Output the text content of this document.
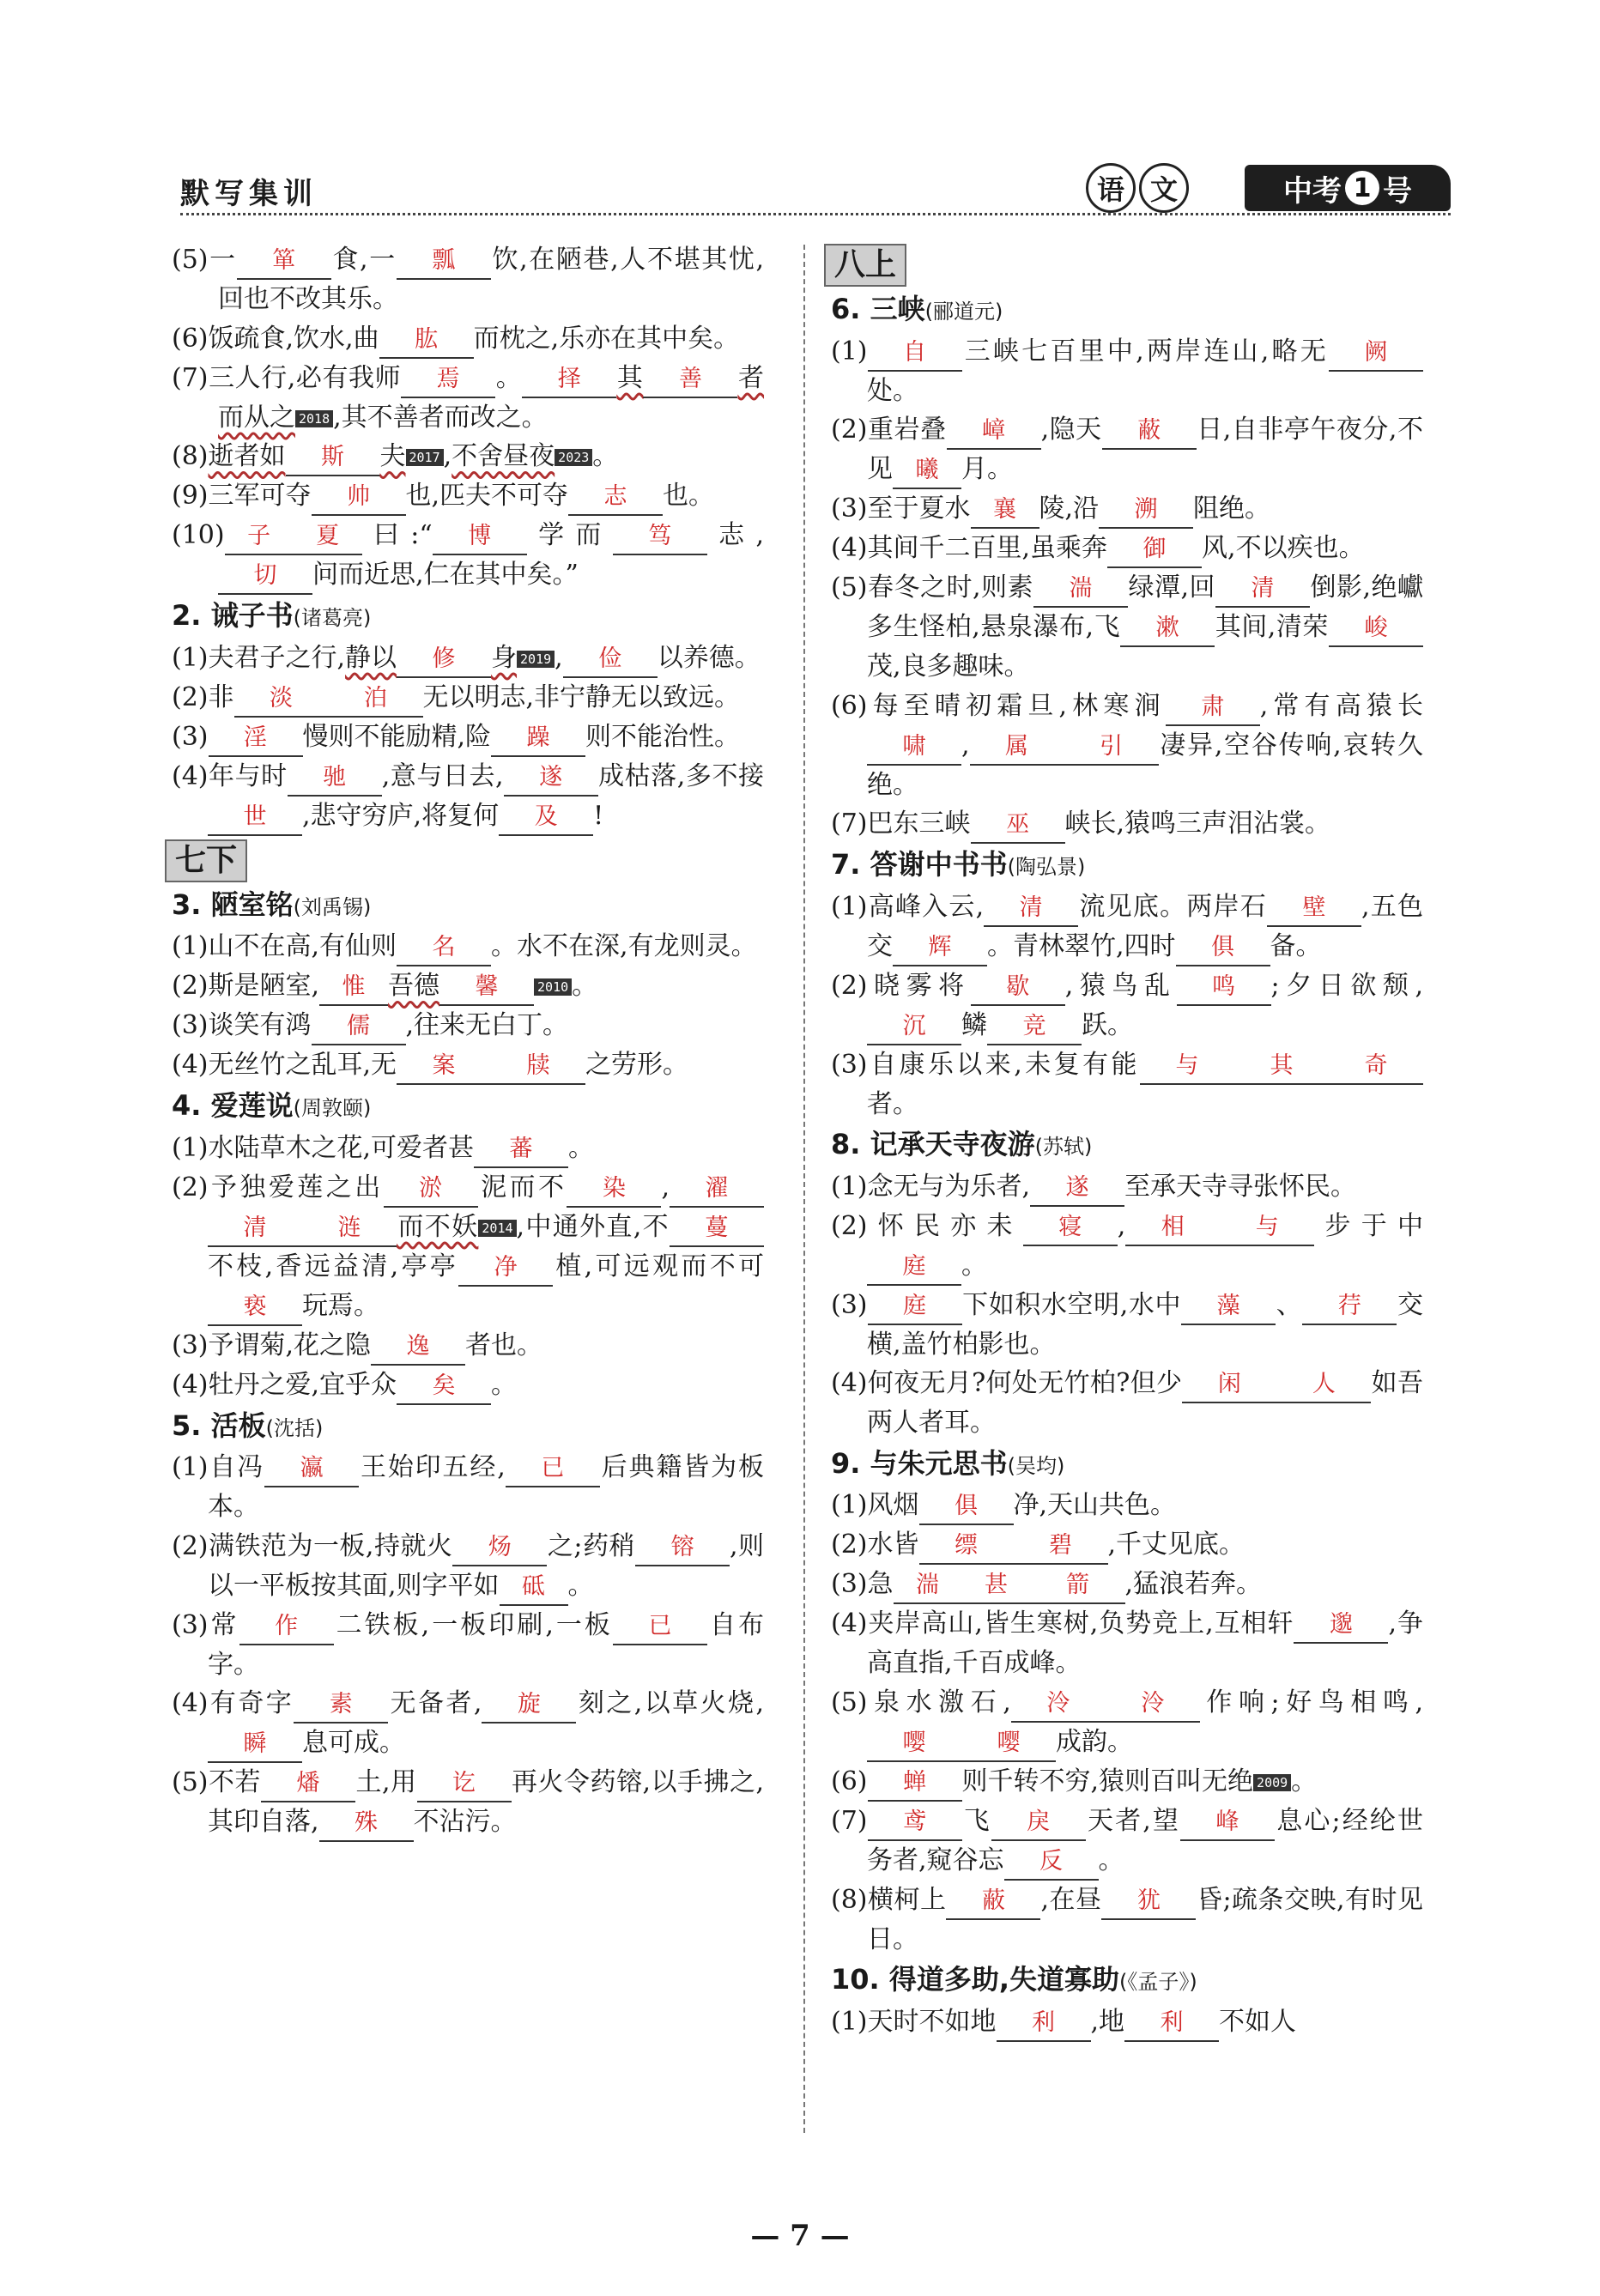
默写集训	语 文	中考 1 号
(5)一 箪 食,一 瓢 饮,在陋巷,人不堪其忧,回也不改其乐。
(6)饭疏食,饮水,曲 肱 而枕之,乐亦在其中矣。
(7)三人行,必有我师 焉 。 择 其 善 者而从之 2018 ,其不善者而改之。
(8)逝者如 斯 夫 2017 ,不舍昼夜 2023 。
(9)三军可夺 帅 也,匹夫不可夺 志 也。
(10) 子 夏 曰:“ 博 学而 笃 志,切 问而近思,仁在其中矣。”
2. 诫子书(诸葛亮)
(1)夫君子之行,静以 修 身 2019 , 俭 以养德。
(2)非 淡	泊 无以明志,非宁静无以致远。
(3) 淫 慢则不能励精,险 躁 则不能治性。
(4)年与时 驰 ,意与日去, 遂 成枯落,多不接世 ,悲守穷庐,将复何 及 !
七下
3. 陋室铭(刘禹锡)
(1)山不在高,有仙则 名 。水不在深,有龙则灵。
(2)斯是陋室, 惟 吾德 馨	2010 。
(3)谈笑有鸿 儒 ,往来无白丁。
(4)无丝竹之乱耳,无 案	牍 之劳形。
4. 爱莲说(周敦颐)
(1)水陆草木之花,可爱者甚 蕃 。
(2)予独爱莲之出 淤 泥而不 染 , 濯清	涟 而不妖 2014 ,中通外直,不 蔓不枝,香远益清,亭亭 净 植,可远观而不可亵 玩焉。
(3)予谓菊,花之隐 逸 者也。
(4)牡丹之爱,宜乎众 矣 。
5. 活板(沈括)
(1)自冯 瀛 王始印五经, 已 后典籍皆为板本。
(2)满铁范为一板,持就火 炀 之;药稍 镕 ,则以一平板按其面,则字平如 砥 。
(3)常 作 二铁板,一板印刷,一板 已 自布字。
(4)有奇字 素 无备者, 旋 刻之,以草火烧,瞬 息可成。
(5)不若 燔 土,用 讫 再火令药镕,以手拂之,其印自落, 殊 不沾污。
八上
6. 三峡(郦道元)
(1) 自 三峡七百里中,两岸连山,略无 阙处。
(2)重岩叠 嶂 ,隐天 蔽 日,自非亭午夜分,不见 曦 月。
(3)至于夏水 襄 陵,沿 溯 阻绝。
(4)其间千二百里,虽乘奔 御 风,不以疾也。
(5)春冬之时,则素 湍 绿潭,回 清 倒影,绝巘多生怪柏,悬泉瀑布,飞 漱 其间,清荣 峻茂,良多趣味。
(6)每至晴初霜旦,林寒涧 肃 ,常有高猿长啸 , 属	引 凄异,空谷传响,哀转久绝。
(7)巴东三峡 巫 峡长,猿鸣三声泪沾裳。
7. 答谢中书书(陶弘景)
(1)高峰入云, 清 流见底。两岸石 壁 ,五色交 辉 。青林翠竹,四时 俱 备。
(2)晓雾将 歇 ,猿鸟乱 鸣 ;夕日欲颓,沉 鳞 竞 跃。
(3)自康乐以来,未复有能 与	其	奇者。
8. 记承天寺夜游(苏轼)
(1)念无与为乐者, 遂 至承天寺寻张怀民。
(2)怀民亦未 寝 , 相	与 步于中庭 。
(3) 庭 下如积水空明,水中 藻 、 荇 交横,盖竹柏影也。
(4)何夜无月?何处无竹柏?但少 闲	人 如吾两人者耳。
9. 与朱元思书(吴均)
(1)风烟 俱 净,天山共色。
(2)水皆 缥	碧 ,千丈见底。
(3)急 湍 甚	箭 ,猛浪若奔。
(4)夹岸高山,皆生寒树,负势竞上,互相轩 邈 ,争高直指,千百成峰。
(5)泉水激石, 泠	泠 作响;好鸟相鸣,嘤	嘤 成韵。
(6) 蝉 则千转不穷,猿则百叫无绝 2009 。
(7) 鸢 飞 戾 天者,望 峰 息心;经纶世务者,窥谷忘 反 。
(8)横柯上 蔽 ,在昼 犹 昏;疏条交映,有时见日。
10. 得道多助,失道寡助(《孟子》)
(1)天时不如地 利 ,地 利 不如人
— 7 —
